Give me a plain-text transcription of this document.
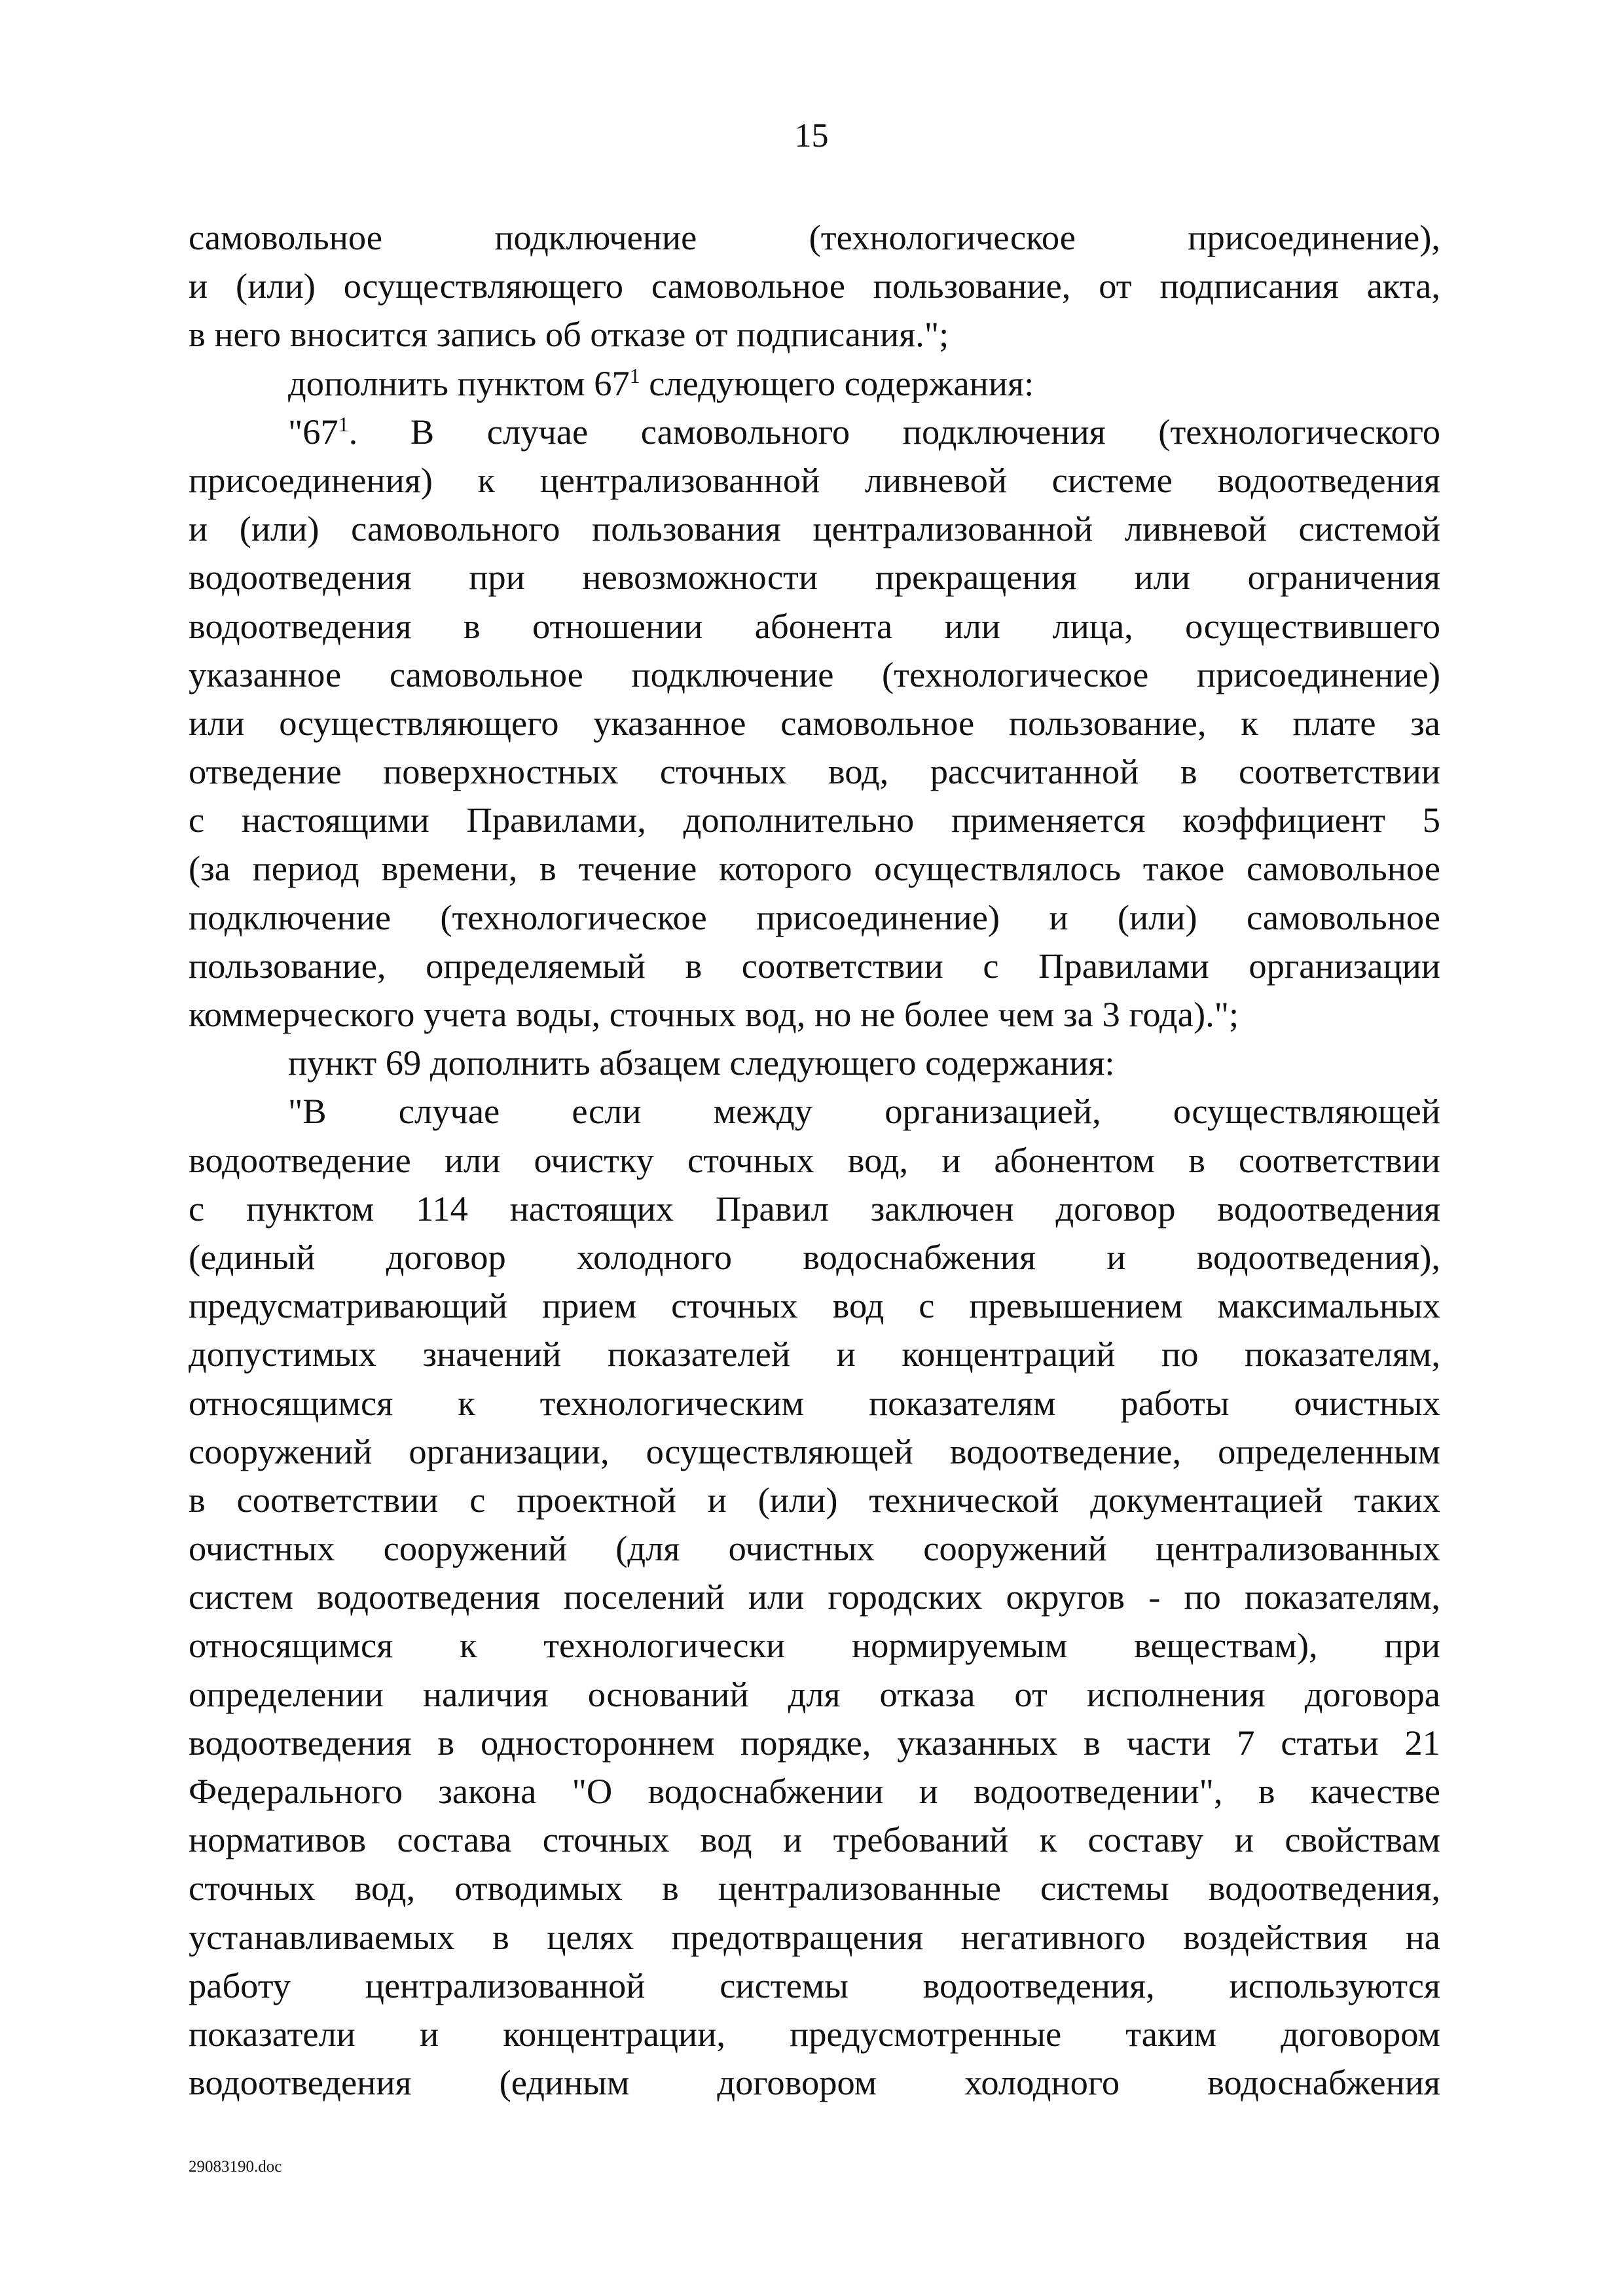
15
самовольное подключение (технологическое присоединение),
и (или) осуществляющего самовольное пользование, от подписания акта,
в него вносится запись об отказе от подписания.";
дополнить пунктом $67^1$ следующего содержания:
"$67^1$. В случае самовольного подключения (технологического
присоединения) к централизованной ливневой системе водоотведения
и (или) самовольного пользования централизованной ливневой системой
водоотведения при невозможности прекращения или ограничения
водоотведения в отношении абонента или лица, осуществившего
указанное самовольное подключение (технологическое присоединение)
или осуществляющего указанное самовольное пользование, к плате за
отведение поверхностных сточных вод, рассчитанной в соответствии
с настоящими Правилами, дополнительно применяется коэффициент 5
(за период времени, в течение которого осуществлялось такое самовольное
подключение (технологическое присоединение) и (или) самовольное
пользование, определяемый в соответствии с Правилами организации
коммерческого учета воды, сточных вод, но не более чем за 3 года).";
пункт 69 дополнить абзацем следующего содержания:
"В случае если между организацией, осуществляющей
водоотведение или очистку сточных вод, и абонентом в соответствии
с пунктом 114 настоящих Правил заключен договор водоотведения
(единый договор холодного водоснабжения и водоотведения),
предусматривающий прием сточных вод с превышением максимальных
допустимых значений показателей и концентраций по показателям,
относящимся к технологическим показателям работы очистных
сооружений организации, осуществляющей водоотведение, определенным
в соответствии с проектной и (или) технической документацией таких
очистных сооружений (для очистных сооружений централизованных
систем водоотведения поселений или городских округов - по показателям,
относящимся к технологически нормируемым веществам), при
определении наличия оснований для отказа от исполнения договора
водоотведения в одностороннем порядке, указанных в части 7 статьи 21
Федерального закона "О водоснабжении и водоотведении", в качестве
нормативов состава сточных вод и требований к составу и свойствам
сточных вод, отводимых в централизованные системы водоотведения,
устанавливаемых в целях предотвращения негативного воздействия на
работу централизованной системы водоотведения, используются
показатели и концентрации, предусмотренные таким договором
водоотведения (единым договором холодного водоснабжения
29083190.doc
